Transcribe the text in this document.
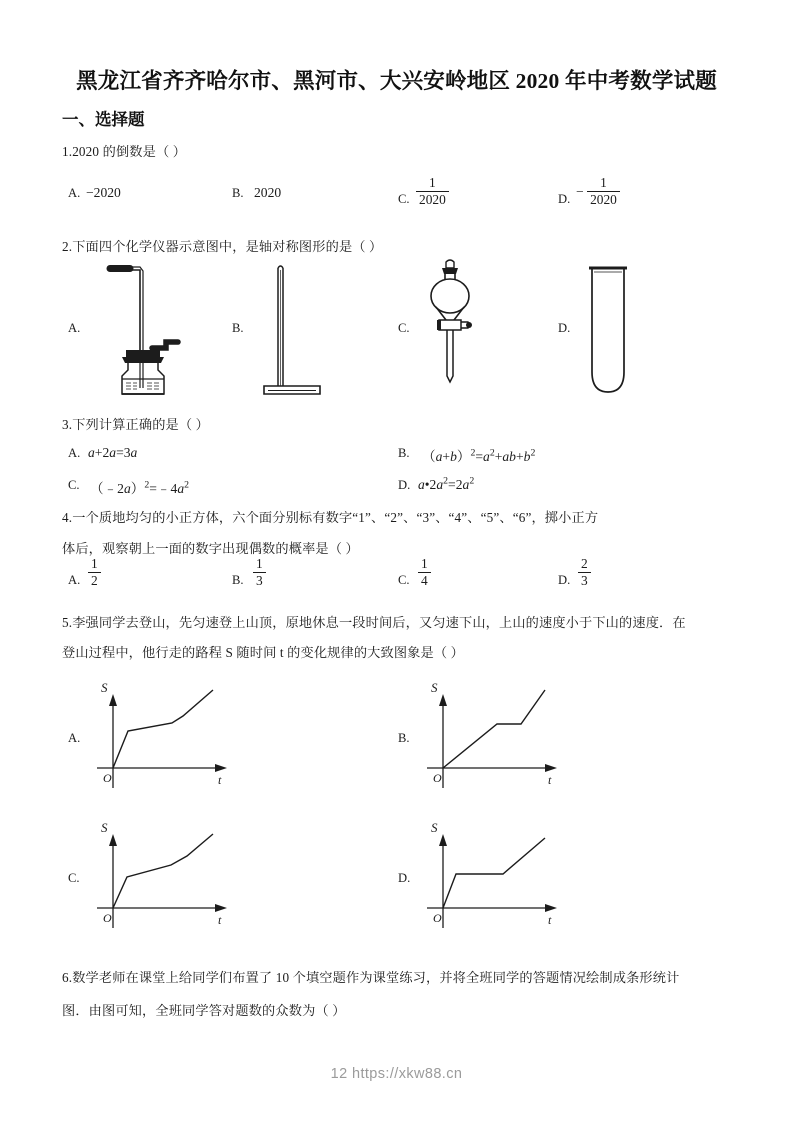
黑龙江省齐齐哈尔市、黑河市、大兴安岭地区 2020 年中考数学试题
一、选择题
1.2020 的倒数是（ ）
A. −2020	B. 2020	C. $\frac{1}{2020}$	D.
− $\frac{1}{2020}$
2.下面四个化学仪器示意图中，是轴对称图形的是（ ）
A.	B.	C.	D.
3.下列计算正确的是（ ）
A. a+2a=3a	B. $(a+b)^2=a^2+ab+b^2$
C. $(﹣2a)^2=﹣4a^2$	D. $a•2a^2=2a^2$
4.一个质地均匀的小正方体，六个面分别标有数字“1”、“2”、“3”、“4”、“5”、“6”，掷小正方
体后，观察朝上一面的数字出现偶数的概率是（ ）
A. $\frac{1}{2}$	B. $\frac{1}{3}$	C. $\frac{1}{4}$	D. $\frac{2}{3}$
5.李强同学去登山，先匀速登上山顶，原地休息一段时间后，又匀速下山，上山的速度小于下山的速度．在
登山过程中，他行走的路程 S 随时间 t 的变化规律的大致图象是（ ）
A.
S
t
O
B.
S
t
O
C.
S
t
O
D.
S
t
O
6.数学老师在课堂上给同学们布置了 10 个填空题作为课堂练习，并将全班同学的答题情况绘制成条形统计
图．由图可知，全班同学答对题数的众数为（ ）
12 https://xkw88.cn
